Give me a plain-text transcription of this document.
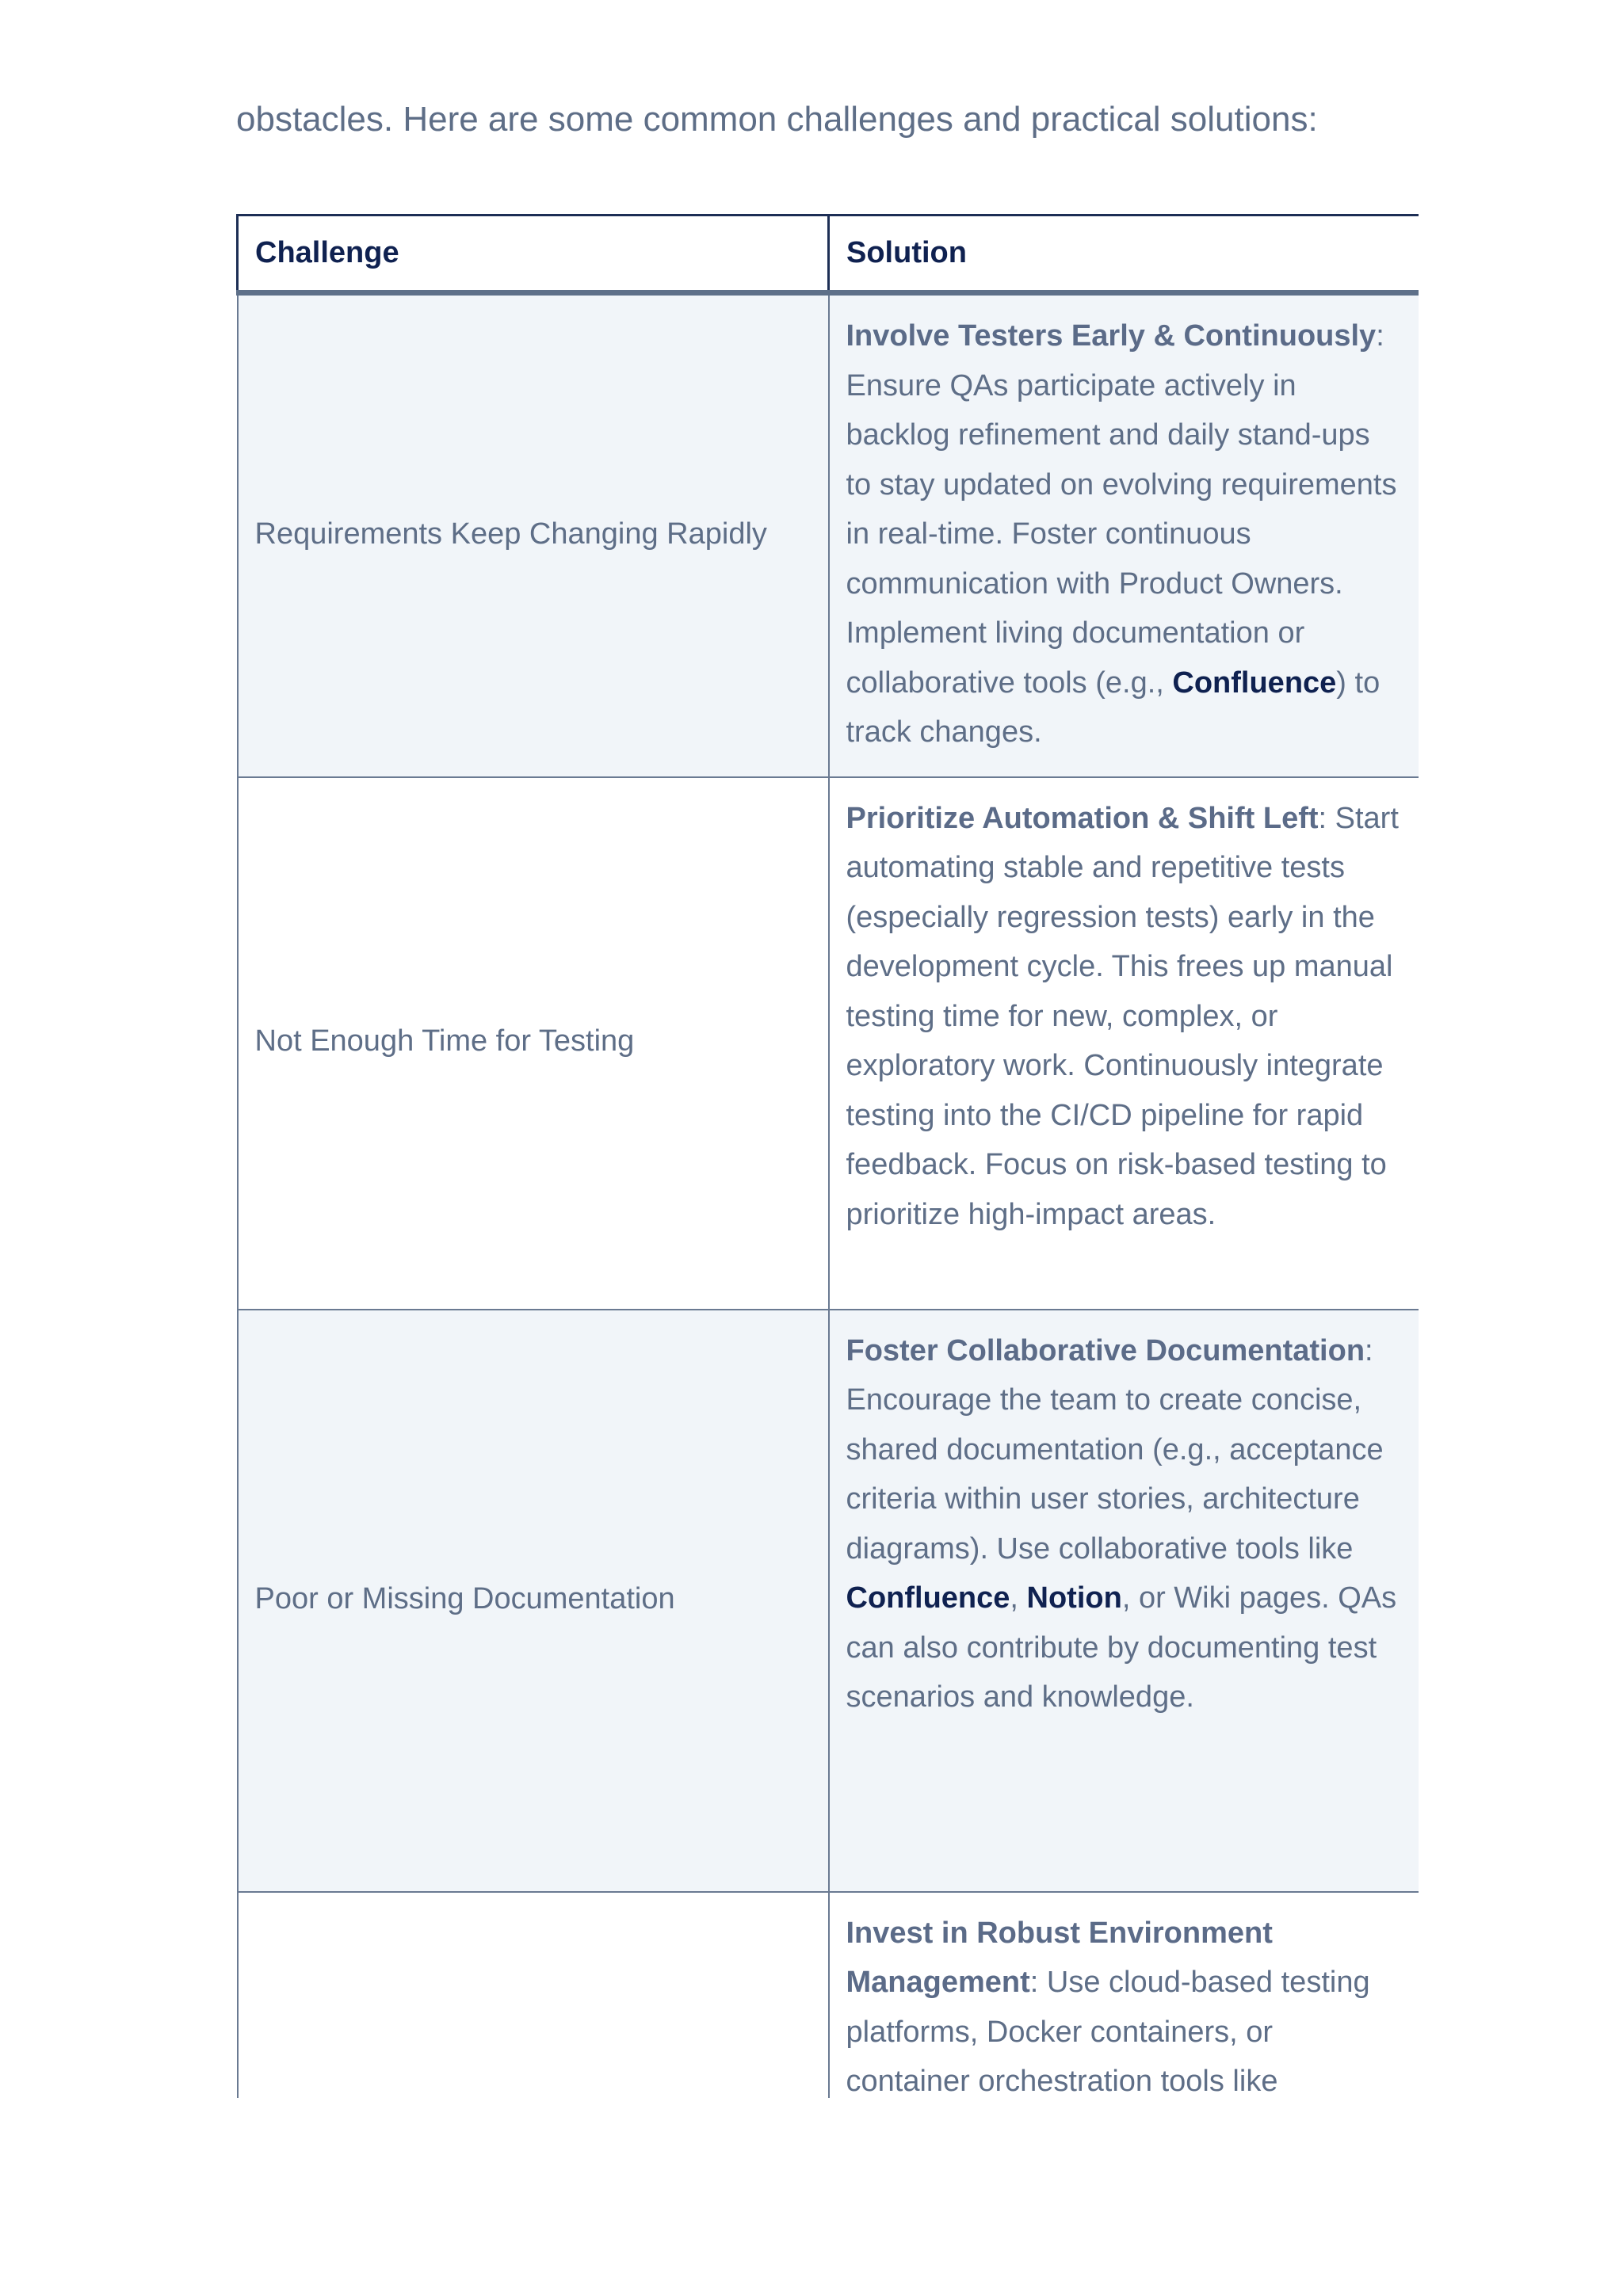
obstacles. Here are some common challenges and practical solutions:

Challenge	Solution
Requirements Keep Changing Rapidly	Involve Testers Early & Continuously: Ensure QAs participate actively in backlog refinement and daily stand-ups to stay updated on evolving requirements in real-time. Foster continuous communication with Product Owners. Implement living documentation or collaborative tools (e.g., Confluence) to track changes.
Not Enough Time for Testing	Prioritize Automation & Shift Left: Start automating stable and repetitive tests (especially regression tests) early in the development cycle. This frees up manual testing time for new, complex, or exploratory work. Continuously integrate testing into the CI/CD pipeline for rapid feedback. Focus on risk-based testing to prioritize high-impact areas.
Poor or Missing Documentation	Foster Collaborative Documentation: Encourage the team to create concise, shared documentation (e.g., acceptance criteria within user stories, architecture diagrams). Use collaborative tools like Confluence, Notion, or Wiki pages. QAs can also contribute by documenting test scenarios and knowledge.
	Invest in Robust Environment Management: Use cloud-based testing platforms, Docker containers, or container orchestration tools like
